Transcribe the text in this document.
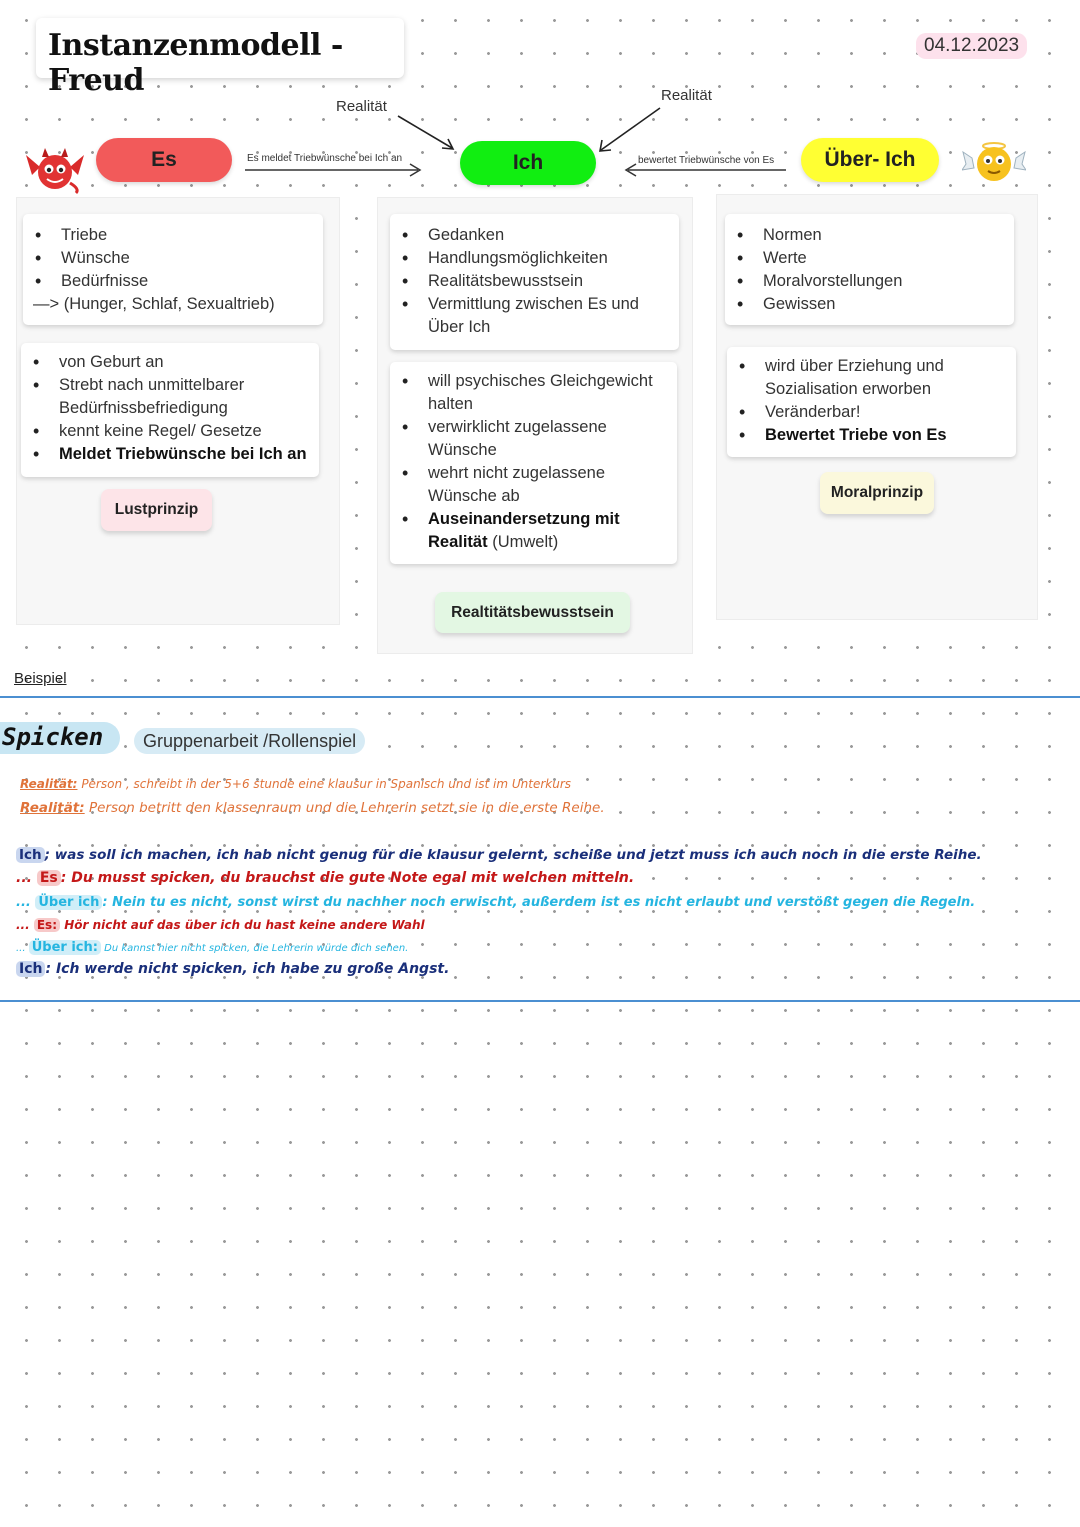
Instanzenmodell - Freud
04.12.2023
Es	Ich	Über- Ich
Realität
Realität
Es meldet Triebwünsche bei Ich an	bewertet Triebwünsche von Es
• Triebe
• Wünsche
• Bedürfnisse
—> (Hunger, Schlaf, Sexualtrieb)
• von Geburt an
• Strebt nach unmittelbarer Bedürfnissbefriedigung
• kennt keine Regel/ Gesetze
• Meldet Triebwünsche bei Ich an
Lustprinzip
• Gedanken
• Handlungsmöglichkeiten
• Realitätsbewusstsein
• Vermittlung zwischen Es und Über Ich
• will psychisches Gleichgewicht halten
• verwirklicht zugelassene Wünsche
• wehrt nicht zugelassene Wünsche ab
• Auseinandersetzung mit Realität (Umwelt)
Realtitätsbewusstsein
• Normen
• Werte
• Moralvorstellungen
• Gewissen
• wird über Erziehung und Sozialisation erworben
• Veränderbar!
• Bewertet Triebe von Es
Moralprinzip
Beispiel
Spicken	Gruppenarbeit /Rollenspiel
Realität: Person , schreibt in der 5+6 stunde eine klausur in Spanisch und ist im Unterkurs
Realität: Person betritt den klassenraum und die Lehrerin setzt sie in die erste Reihe.
Ich ; was soll ich machen, ich hab nicht genug für die klausur gelernt, scheiße und jetzt muss ich auch noch in die erste Reihe.
... Es : Du musst spicken, du brauchst die gute Note egal mit welchen mitteln.
... Über ich : Nein tu es nicht, sonst wirst du nachher noch erwischt, außerdem ist es nicht erlaubt und verstößt gegen die Regeln.
... Es: Hör nicht auf das über ich du hast keine andere Wahl
... Über ich: Du kannst hier nicht spicken, die Lehrerin würde dich sehen.
Ich : Ich werde nicht spicken, ich habe zu große Angst.
